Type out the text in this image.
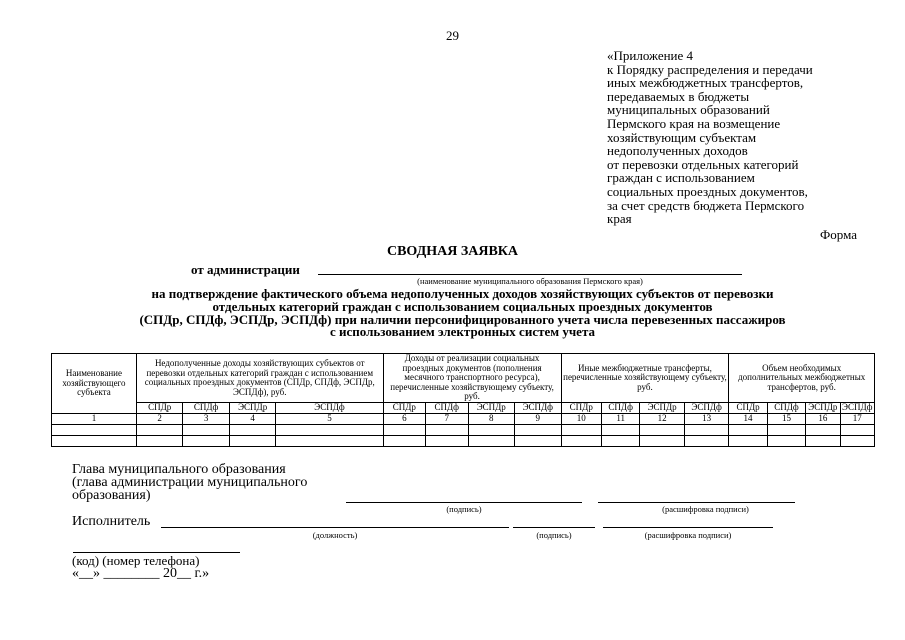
29
«Приложение 4
к Порядку распределения и передачи
иных межбюджетных трансфертов,
передаваемых в бюджеты
муниципальных образований
Пермского края на возмещение
хозяйствующим субъектам
недополученных доходов
от перевозки отдельных категорий
граждан с использованием
социальных проездных документов,
за счет средств бюджета Пермского
края
Форма
СВОДНАЯ ЗАЯВКА
от администрации
(наименование муниципального образования Пермского края)
на подтверждение фактического объема недополученных доходов хозяйствующих субъектов от перевозки
отдельных категорий граждан с использованием социальных проездных документов
(СПДр, СПДф, ЭСПДр, ЭСПДф) при наличии персонифицированного учета числа перевезенных пассажиров
с использованием электронных систем учета
Наименование хозяйствующего субъекта	Недополученные доходы хозяйствующих субъектов от перевозки отдельных категорий граждан с использованием социальных проездных документов (СПДр, СПДф, ЭСПДр, ЭСПДф), руб.				Доходы от реализации социальных проездных документов (пополнения месячного транспортного ресурса), перечисленные хозяйствующему субъекту, руб.				Иные межбюджетные трансферты, перечисленные хозяйствующему субъекту, руб.				Объем необходимых дополнительных межбюджетных трансфертов, руб.			
	СПДр	СПДф	ЭСПДр	ЭСПДф	СПДр	СПДф	ЭСПДр	ЭСПДф	СПДр	СПДф	ЭСПДр	ЭСПДф	СПДр	СПДф	ЭСПДр	ЭСПДф
1	2	3	4	5	6	7	8	9	10	11	12	13	14	15	16	17

Глава муниципального образования
(глава администрации муниципального
образования)
(подпись)	(расшифровка подписи)
Исполнитель
(должность)	(подпись)	(расшифровка подписи)
(код) (номер телефона)
«__» ________ 20__ г.»
